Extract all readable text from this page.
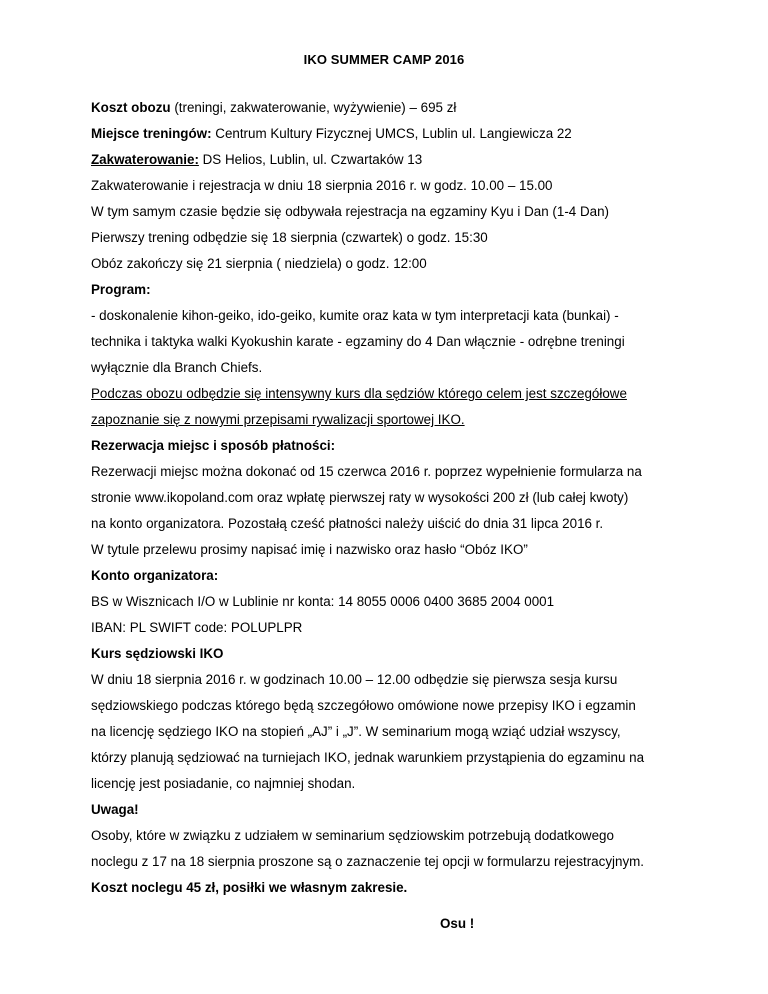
IKO SUMMER CAMP 2016
Koszt obozu (treningi, zakwaterowanie, wyżywienie) – 695 zł
Miejsce treningów: Centrum Kultury Fizycznej UMCS, Lublin ul. Langiewicza 22
Zakwaterowanie: DS Helios, Lublin, ul. Czwartaków 13
Zakwaterowanie i rejestracja w dniu 18 sierpnia 2016 r. w godz. 10.00 – 15.00
W tym samym czasie będzie się odbywała rejestracja na egzaminy Kyu i Dan (1-4 Dan)
Pierwszy trening odbędzie się 18 sierpnia (czwartek) o godz. 15:30
Obóz zakończy się 21 sierpnia ( niedziela) o godz. 12:00
Program:
- doskonalenie kihon-geiko, ido-geiko, kumite oraz kata w tym interpretacji kata (bunkai) -
technika i taktyka walki Kyokushin karate - egzaminy do 4 Dan włącznie - odrębne treningi
wyłącznie dla Branch Chiefs.
Podczas obozu odbędzie się intensywny kurs dla sędziów którego celem jest szczegółowe
zapoznanie się z nowymi przepisami rywalizacji sportowej IKO.
Rezerwacja miejsc i sposób płatności:
Rezerwacji miejsc można dokonać od 15 czerwca 2016 r. poprzez wypełnienie formularza na
stronie www.ikopoland.com oraz wpłatę pierwszej raty w wysokości 200 zł (lub całej kwoty)
na konto organizatora. Pozostałą cześć płatności należy uiścić do dnia 31 lipca 2016 r.
W tytule przelewu prosimy napisać imię i nazwisko oraz hasło “Obóz IKO”
Konto organizatora:
BS w Wisznicach I/O w Lublinie nr konta: 14 8055 0006 0400 3685 2004 0001
IBAN: PL SWIFT code: POLUPLPR
Kurs sędziowski IKO
W dniu 18 sierpnia 2016 r. w godzinach 10.00 – 12.00 odbędzie się pierwsza sesja kursu
sędziowskiego podczas którego będą szczegółowo omówione nowe przepisy IKO i egzamin
na licencję sędziego IKO na stopień „AJ” i „J”. W seminarium mogą wziąć udział wszyscy,
którzy planują sędziować na turniejach IKO, jednak warunkiem przystąpienia do egzaminu na
licencję jest posiadanie, co najmniej shodan.
Uwaga!
Osoby, które w związku z udziałem w seminarium sędziowskim potrzebują dodatkowego
noclegu z 17 na 18 sierpnia proszone są o zaznaczenie tej opcji w formularzu rejestracyjnym.
Koszt noclegu 45 zł, posiłki we własnym zakresie.
Osu !
